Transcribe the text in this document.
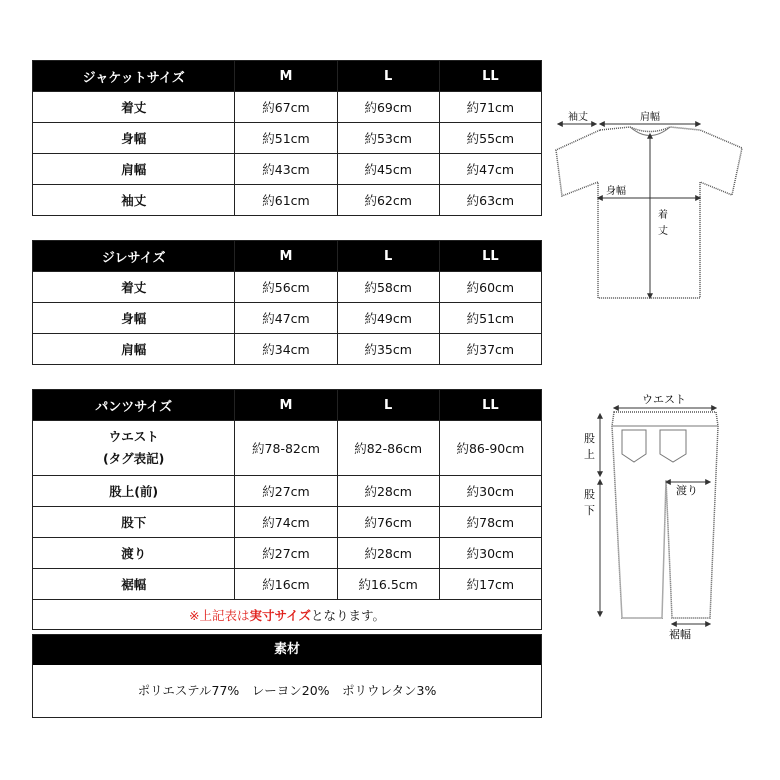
ジャケットサイズ	M	L	LL
着丈	約67cm	約69cm	約71cm
身幅	約51cm	約53cm	約55cm
肩幅	約43cm	約45cm	約47cm
袖丈	約61cm	約62cm	約63cm
ジレサイズ	M	L	LL
着丈	約56cm	約58cm	約60cm
身幅	約47cm	約49cm	約51cm
肩幅	約34cm	約35cm	約37cm
パンツサイズ	M	L	LL

ウエスト
(タグ表記)	約78-82cm	約82-86cm	約86-90cm
股上(前)	約27cm	約28cm	約30cm
股下	約74cm	約76cm	約78cm
渡り	約27cm	約28cm	約30cm
裾幅	約16cm	約16.5cm	約17cm
※上記表は実寸サイズとなります。			
素材
ポリエステル77%　レーヨン20%　ポリウレタン3%
袖丈	肩幅
身幅
着
丈
ウエスト
股
上
股
下
渡り
裾幅
